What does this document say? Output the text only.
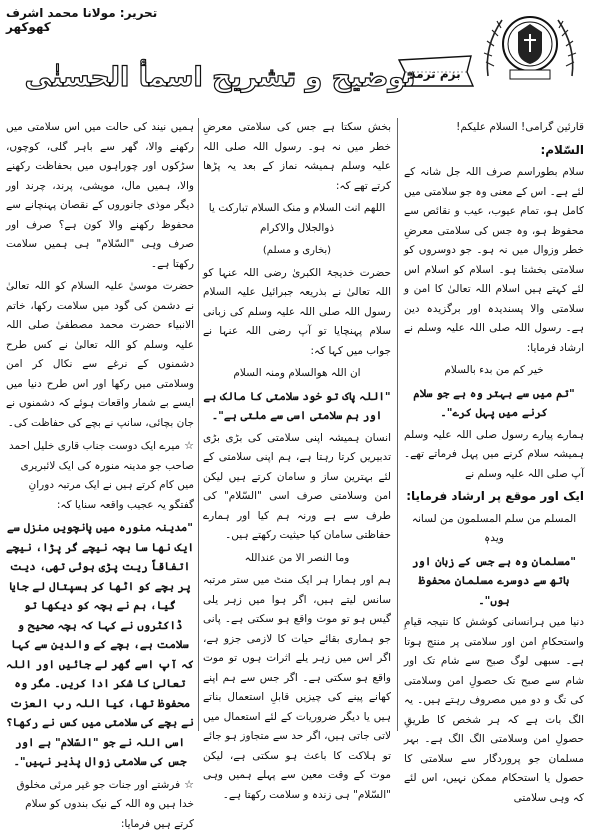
تحریر: مولانا محمد اشرف کھوکھر
بزم ترمذ
توضیح و تشریح اسمأ الحسنٰی

قارئین گرامی! السلام علیکم!

السّلام:

سلام بطوراسم صرف اللہ جل شانہ کے لئے ہے۔ اس کے معنی وہ جو سلامتی میں کامل ہو، تمام عیوب، عیب و نقائص سے محفوظ ہو، وہ جس کی سلامتی معرضِ خطر وزوال میں نہ ہو۔ جو دوسروں کو سلامتی بخشتا ہو۔ اسلام کو اسلام اس لئے کہتے ہیں اسلام اللہ تعالیٰ کا امن و سلامتی والا پسندیدہ اور برگزیدہ دین ہے۔ رسول اللہ صلی اللہ علیہ وسلم نے ارشاد فرمایا:

خیر کم من بدء بالسلام

"تم میں سے بہتر وہ ہے جو سلام کرنے میں پہل کرے"۔

ہمارے پیارے رسول صلی اللہ علیہ وسلم ہمیشہ سلام کرنے میں پہل فرماتے تھے۔ آپ صلی اللہ علیہ وسلم نے

ایک اور موقع پر ارشاد فرمایا:

المسلم من سلم المسلمون من لسانہ ویدہٖ

"مسلمان وہ ہے جس کے زبان اور ہاتھ سے دوسرے مسلمان محفوظ ہوں"۔

دنیا میں ہرانسانی کوشش کا نتیجہ قیامِ واستحکامِ امن اور سلامتی پر منتج ہوتا ہے۔ سبھی لوگ صبح سے شام تک اور شام سے صبح تک حصولِ امن وسلامتی کی تگ و دو میں مصروف رہتے ہیں۔ یہ الگ بات ہے کہ ہر شخص کا طریقِ حصولِ امن وسلامتی الگ الگ ہے۔ بہر مسلمان جو پروردگار سے سلامتی کا حصول یا استحکام ممکن نہیں، اس لئے کہ وہی سلامتی

بخش سکتا ہے جس کی سلامتی معرضِ خطر میں نہ ہو۔ رسول اللہ صلی اللہ علیہ وسلم ہمیشہ نماز کے بعد یہ پڑھا کرتے تھے کہ:

اللھم انت السلام و منک السلام تبارکت یا ذوالجلال والاکرام

(بخاری و مسلم)

حضرت خدیجۃ الکبریٰ رضی اللہ عنہا کو اللہ تعالیٰ نے بذریعہ جبرائیل علیہ السلام رسول اللہ صلی اللہ علیہ وسلم کی زبانی سلام پہنچایا تو آپ رضی اللہ عنہا نے جواب میں کہا کہ:

ان اللہ ھوالسلام ومنہ السلام

"اللہ پاک تو خود سلامتی کا مالک ہے اور ہم سلامتی اسی سے ملتی ہے"۔

انسان ہمیشہ اپنی سلامتی کی بڑی بڑی تدبیریں کرتا رہتا ہے، ہم اپنی سلامتی کے لئے بہترین ساز و سامان کرتے ہیں لیکن امن وسلامتی صرف اسی "السّلام" کی طرف سے ہے ورنہ ہم کیا اور ہمارے حفاظتی سامان کیا حیثیت رکھتے ہیں۔

وما النصر الا من عنداللہ

ہم اور ہمارا ہر ایک منٹ میں ستر مرتبہ سانس لیتے ہیں، اگر ہوا میں زہر یلی گیس ہو تو موت واقع ہو سکتی ہے۔ پانی جو ہماری بقائے حیات کا لازمی جزو ہے، اگر اس میں زہر یلے اثرات ہوں تو موت واقع ہو سکتی ہے۔ اگر جس سے ہم اپنے کھانے پینے کی چیزیں قابلِ استعمال بناتے ہیں یا دیگر ضروریات کے لئے استعمال میں لاتی جاتی ہیں، اگر حد سے متجاوز ہو جائے تو ہلاکت کا باعث ہو سکتی ہے، لیکن موت کے وقت معین سے پہلے ہمیں وہی "السّلام" ہی زندہ و سلامت رکھتا ہے۔

ہمیں نیند کی حالت میں اس سلامتی میں رکھنے والا، گھر سے باہر گلی، کوچوں، سڑکوں اور چوراہوں میں بحفاظت رکھنے والا، ہمیں مال، مویشی، پرند، چرند اور دیگر موذی جانوروں کے نقصان پہنچانے سے محفوظ رکھنے والا کون ہے؟ صرف اور صرف وہی "السّلام" ہی ہمیں سلامت رکھتا ہے۔

حضرت موسیٰ علیہ السلام کو اللہ تعالیٰ نے دشمن کی گود میں سلامت رکھا، خاتم الانبیاء حضرت محمد مصطفیٰ صلی اللہ علیہ وسلم کو اللہ تعالیٰ نے کس طرح دشمنوں کے نرغے سے نکال کر امن وسلامتی میں رکھا اور اس طرح دنیا میں ایسے بے شمار واقعات ہوئے کہ دشمنوں نے جان بچائی، سانپ نے بچے کی حفاظت کی۔

☆میرے ایک دوست جناب قاری خلیل احمد صاحب جو مدینہ منورہ کی ایک لائبریری میں کام کرتے ہیں نے ایک مرتبہ دورانِ گفتگو یہ عجیب واقعہ سنایا کہ:

"مدینہ منورہ میں پانچویں منزل سے ایک نھا سا بچہ نیچے گر پڑا، نیچے اتفاقاً ریت پڑی ہوئی تھی، دیت پر بچے کو اٹھا کر ہسپتال لے جایا گیا، ہم نے بچہ کو دیکھا تو ڈاکٹروں نے کہا کہ بچہ صحیح و سلامت ہے، بچے کے والدین سے کہا کہ آپ اسے گھر لے جائیں اور اللہ تعالیٰ کا شکر ادا کریں۔ مگر وہ محفوظ تھا، کیا اللہ رب العزت نے بچے کی سلامتی میں کس نے رکھا؟ اسی اللہ نے جو "السّلام" ہے اور جس کی سلامتی زوال پذیر نہیں"۔

☆فرشتے اور جنات جو غیر مرئی مخلوق خدا ہیں وہ اللہ کے نیک بندوں کو سلام کرتے ہیں فرمایا:
